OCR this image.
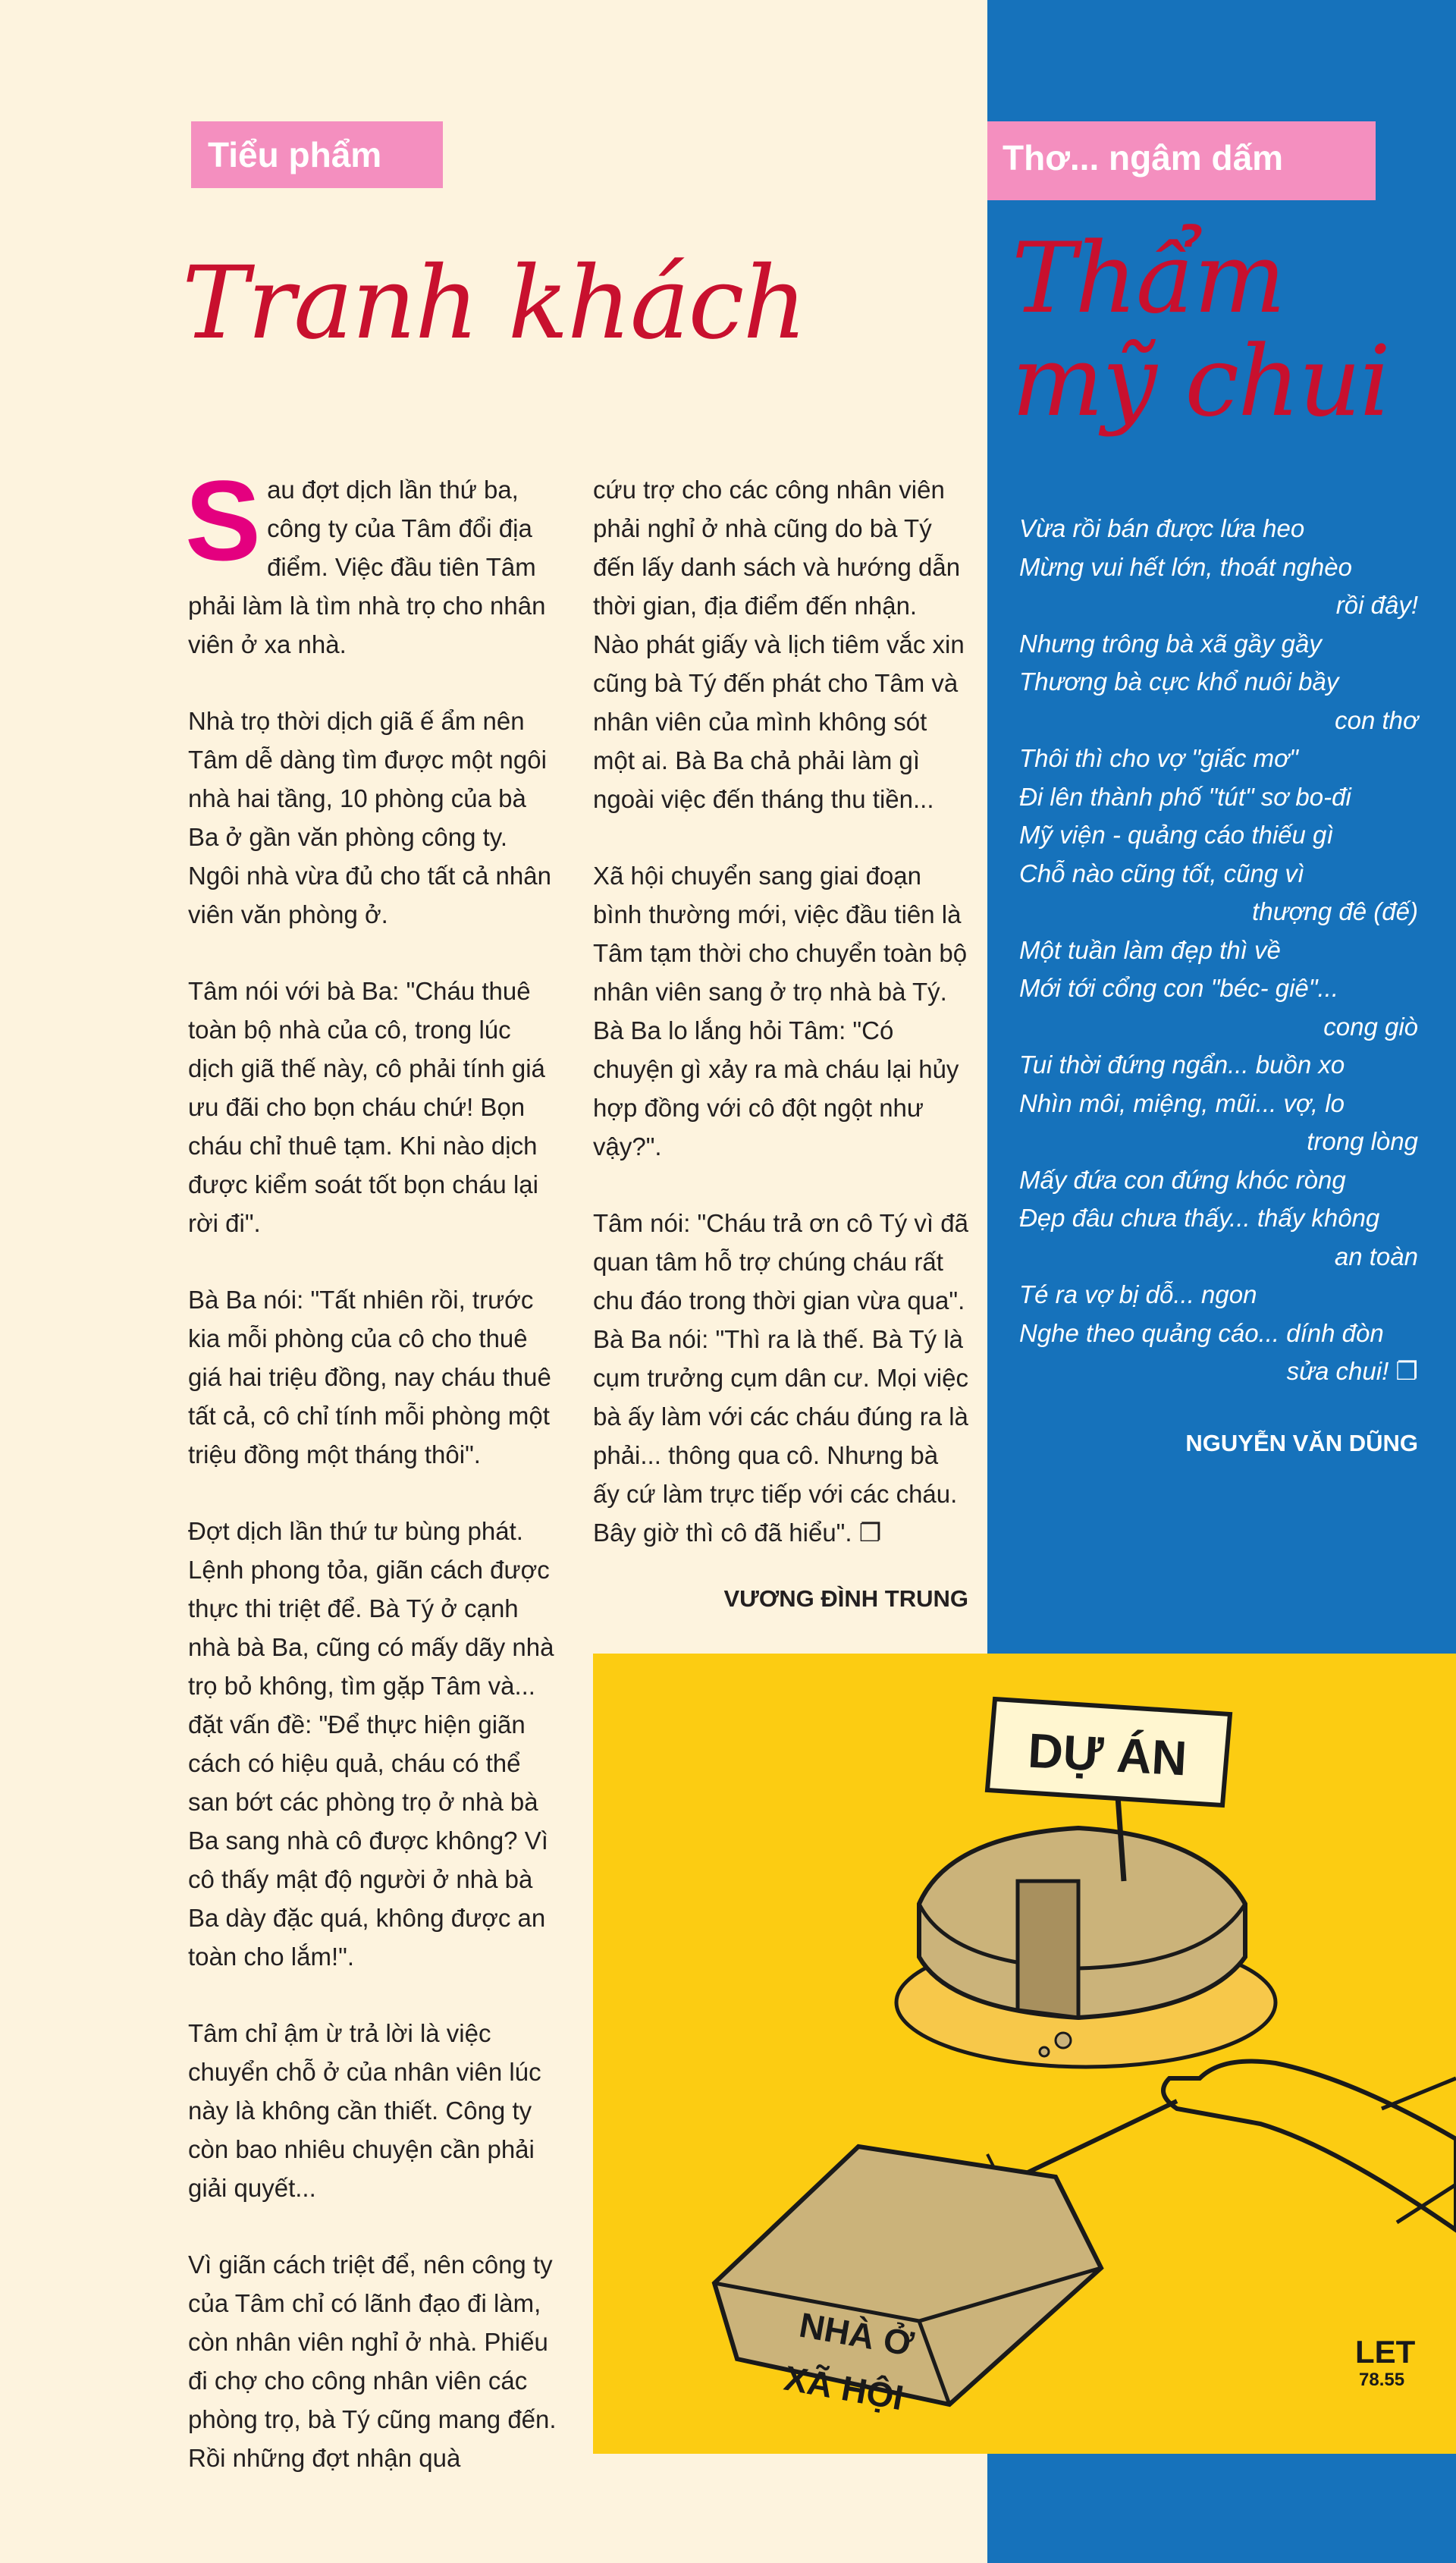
Tiểu phẩm
Tranh khách

Sau đợt dịch lần thứ ba, công ty của Tâm đổi địa điểm. Việc đầu tiên Tâm phải làm là tìm nhà trọ cho nhân viên ở xa nhà.

Nhà trọ thời dịch giã ế ẩm nên Tâm dễ dàng tìm được một ngôi nhà hai tầng, 10 phòng của bà Ba ở gần văn phòng công ty. Ngôi nhà vừa đủ cho tất cả nhân viên văn phòng ở.

Tâm nói với bà Ba: "Cháu thuê toàn bộ nhà của cô, trong lúc dịch giã thế này, cô phải tính giá ưu đãi cho bọn cháu chứ! Bọn cháu chỉ thuê tạm. Khi nào dịch được kiểm soát tốt bọn cháu lại rời đi".

Bà Ba nói: "Tất nhiên rồi, trước kia mỗi phòng của cô cho thuê giá hai triệu đồng, nay cháu thuê tất cả, cô chỉ tính mỗi phòng một triệu đồng một tháng thôi".

Đợt dịch lần thứ tư bùng phát. Lệnh phong tỏa, giãn cách được thực thi triệt để. Bà Tý ở cạnh nhà bà Ba, cũng có mấy dãy nhà trọ bỏ không, tìm gặp Tâm và... đặt vấn đề: "Để thực hiện giãn cách có hiệu quả, cháu có thể san bớt các phòng trọ ở nhà bà Ba sang nhà cô được không? Vì cô thấy mật độ người ở nhà bà Ba dày đặc quá, không được an toàn cho lắm!".

Tâm chỉ ậm ừ trả lời là việc chuyển chỗ ở của nhân viên lúc này là không cần thiết. Công ty còn bao nhiêu chuyện cần phải giải quyết...

Vì giãn cách triệt để, nên công ty của Tâm chỉ có lãnh đạo đi làm, còn nhân viên nghỉ ở nhà. Phiếu đi chợ cho công nhân viên các phòng trọ, bà Tý cũng mang đến. Rồi những đợt nhận quà

cứu trợ cho các công nhân viên phải nghỉ ở nhà cũng do bà Tý đến lấy danh sách và hướng dẫn thời gian, địa điểm đến nhận. Nào phát giấy và lịch tiêm vắc xin cũng bà Tý đến phát cho Tâm và nhân viên của mình không sót một ai. Bà Ba chả phải làm gì ngoài việc đến tháng thu tiền...

Xã hội chuyển sang giai đoạn bình thường mới, việc đầu tiên là Tâm tạm thời cho chuyển toàn bộ nhân viên sang ở trọ nhà bà Tý. Bà Ba lo lắng hỏi Tâm: "Có chuyện gì xảy ra mà cháu lại hủy hợp đồng với cô đột ngột như vậy?".

Tâm nói: "Cháu trả ơn cô Tý vì đã quan tâm hỗ trợ chúng cháu rất chu đáo trong thời gian vừa qua". Bà Ba nói: "Thì ra là thế. Bà Tý là cụm trưởng cụm dân cư. Mọi việc bà ấy làm với các cháu đúng ra là phải... thông qua cô. Nhưng bà ấy cứ làm trực tiếp với các cháu. Bây giờ thì cô đã hiểu". ❐

VƯƠNG ĐÌNH TRUNG
Thơ... ngâm dấm
Thẩm mỹ chui
Vừa rồi bán được lứa heo
Mừng vui hết lớn, thoát nghèo
rồi đây!
Nhưng trông bà xã gầy gầy
Thương bà cực khổ nuôi bầy
con thơ
Thôi thì cho vợ "giấc mơ"
Đi lên thành phố "tút" sơ bo-đi
Mỹ viện - quảng cáo thiếu gì
Chỗ nào cũng tốt, cũng vì
thượng đê (đế)
Một tuần làm đẹp thì về
Mới tới cổng con "béc- giê"...
cong giò
Tui thời đứng ngẩn... buồn xo
Nhìn môi, miệng, mũi... vợ, lo
trong lòng
Mấy đứa con đứng khóc ròng
Đẹp đâu chưa thấy... thấy không
an toàn
Té ra vợ bị dỗ... ngon
Nghe theo quảng cáo... dính đòn
sửa chui! ❐
NGUYỄN VĂN DŨNG
DỰ ÁN
NHÀ Ở
XÃ HỘI
LET
78.55
